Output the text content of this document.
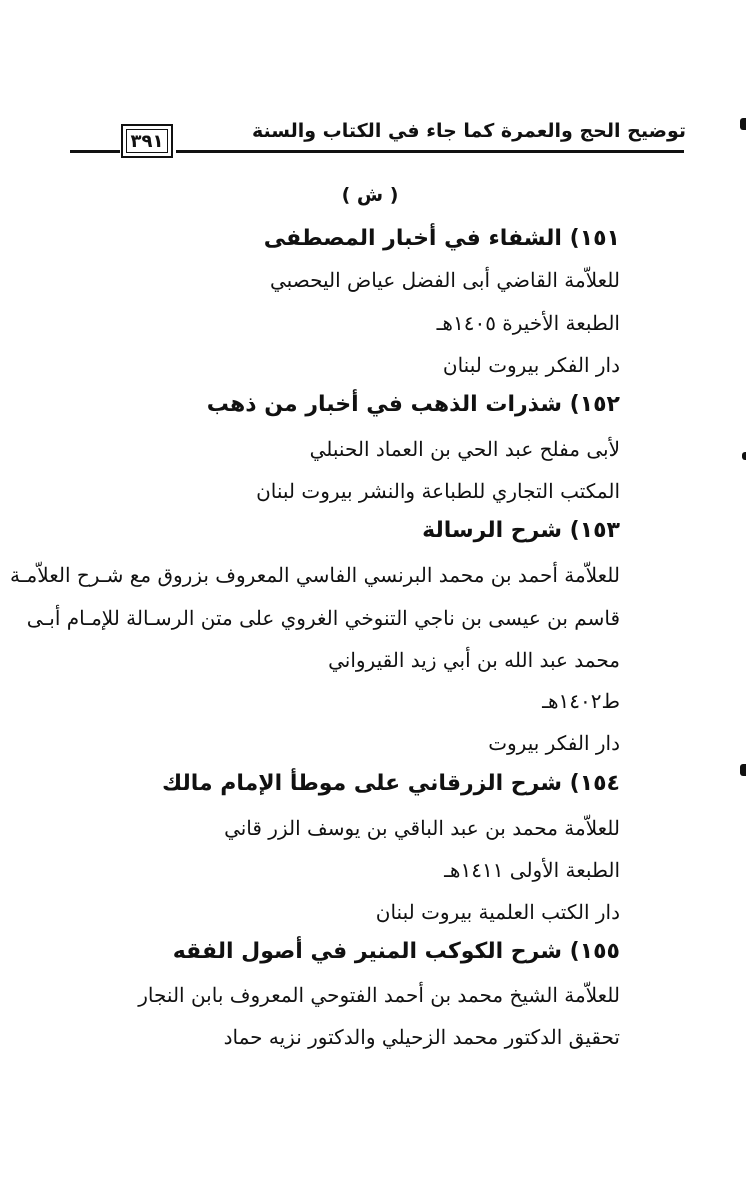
توضيح الحج والعمرة كما جاء في الكتاب والسنة
٣٩١
( ش )
١٥١) الشفاء في أخبار المصطفى
للعلاّمة القاضي أبى الفضل عياض اليحصبي
الطبعة الأخيرة ١٤٠٥هـ
دار الفكر بيروت لبنان
١٥٢) شذرات الذهب في أخبار من ذهب
لأبى مفلح عبد الحي بن العماد الحنبلي
المكتب التجاري للطباعة والنشر بيروت لبنان
١٥٣) شرح الرسالة
للعلاّمة أحمد بن محمد البرنسي الفاسي المعروف بزروق مع شـرح العلاّمـة
قاسم بن عيسى بن ناجي التنوخي الغروي على متن الرسـالة للإمـام أبـى
محمد عبد الله بن أبي زيد القيرواني
ط١٤٠٢هـ
دار الفكر بيروت
١٥٤) شرح الزرقاني على موطأ الإمام مالك
للعلاّمة محمد بن عبد الباقي بن يوسف الزر قاني
الطبعة الأولى ١٤١١هـ
دار الكتب العلمية بيروت لبنان
١٥٥) شرح الكوكب المنير في أصول الفقه
للعلاّمة الشيخ محمد بن أحمد الفتوحي المعروف بابن النجار
تحقيق الدكتور محمد الزحيلي والدكتور نزيه حماد
